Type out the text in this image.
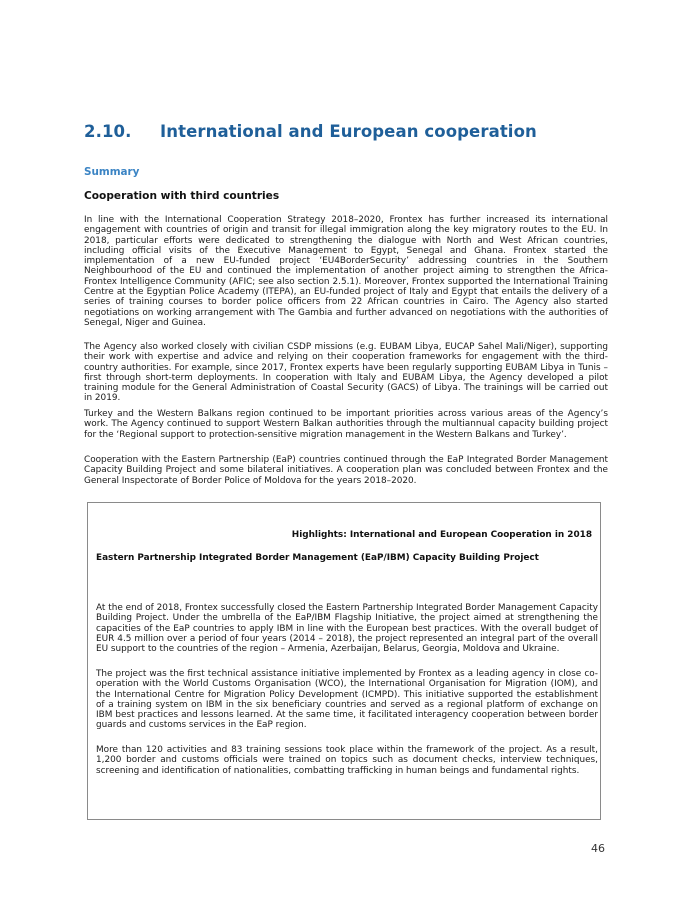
2.10. International and European cooperation

Summary

Cooperation with third countries

In line with the International Cooperation Strategy 2018–2020, Frontex has further increased its international engagement with countries of origin and transit for illegal immigration along the key migratory routes to the EU. In 2018, particular efforts were dedicated to strengthening the dialogue with North and West African countries, including official visits of the Executive Management to Egypt, Senegal and Ghana. Frontex started the implementation of a new EU-funded project ‘EU4BorderSecurity’ addressing countries in the Southern Neighbourhood of the EU and continued the implementation of another project aiming to strengthen the Africa-Frontex Intelligence Community (AFIC; see also section 2.5.1). Moreover, Frontex supported the International Training Centre at the Egyptian Police Academy (ITEPA), an EU-funded project of Italy and Egypt that entails the delivery of a series of training courses to border police officers from 22 African countries in Cairo. The Agency also started negotiations on working arrangement with The Gambia and further advanced on negotiations with the authorities of Senegal, Niger and Guinea.

The Agency also worked closely with civilian CSDP missions (e.g. EUBAM Libya, EUCAP Sahel Mali/Niger), supporting their work with expertise and advice and relying on their cooperation frameworks for engagement with the third-country authorities. For example, since 2017, Frontex experts have been regularly supporting EUBAM Libya in Tunis – first through short-term deployments. In cooperation with Italy and EUBAM Libya, the Agency developed a pilot training module for the General Administration of Coastal Security (GACS) of Libya. The trainings will be carried out in 2019.

Turkey and the Western Balkans region continued to be important priorities across various areas of the Agency’s work. The Agency continued to support Western Balkan authorities through the multiannual capacity building project for the ‘Regional support to protection-sensitive migration management in the Western Balkans and Turkey’.

Cooperation with the Eastern Partnership (EaP) countries continued through the EaP Integrated Border Management Capacity Building Project and some bilateral initiatives. A cooperation plan was concluded between Frontex and the General Inspectorate of Border Police of Moldova for the years 2018–2020.

Highlights: International and European Cooperation in 2018

Eastern Partnership Integrated Border Management (EaP/IBM) Capacity Building Project

At the end of 2018, Frontex successfully closed the Eastern Partnership Integrated Border Management Capacity Building Project. Under the umbrella of the EaP/IBM Flagship Initiative, the project aimed at strengthening the capacities of the EaP countries to apply IBM in line with the European best practices. With the overall budget of EUR 4.5 million over a period of four years (2014 – 2018), the project represented an integral part of the overall EU support to the countries of the region – Armenia, Azerbaijan, Belarus, Georgia, Moldova and Ukraine.

The project was the first technical assistance initiative implemented by Frontex as a leading agency in close co-operation with the World Customs Organisation (WCO), the International Organisation for Migration (IOM), and the International Centre for Migration Policy Development (ICMPD). This initiative supported the establishment of a training system on IBM in the six beneficiary countries and served as a regional platform of exchange on IBM best practices and lessons learned. At the same time, it facilitated interagency cooperation between border guards and customs services in the EaP region.

More than 120 activities and 83 training sessions took place within the framework of the project. As a result, 1,200 border and customs officials were trained on topics such as document checks, interview techniques, screening and identification of nationalities, combatting trafficking in human beings and fundamental rights.

46
